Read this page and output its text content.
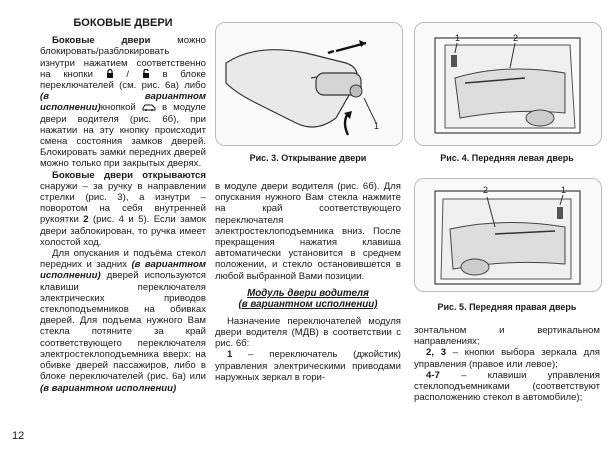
БОКОВЫЕ ДВЕРИ

Боковые двери можно блокировать/разблокировать изнутри нажатием соответственно на кнопки  /  в блоке переключателей (см. рис. 6а) либо (в вариантном исполнении)кнопкой  в модуле двери водителя (рис. 6б), при нажатии на эту кнопку происходит смена состояния замков дверей. Блокировать замки передних дверей можно только при закрытых дверях.

Боковые двери открываются снаружи – за ручку в направлении стрелки (рис. 3), а изнутри – поворотом на себя внутренней рукоятки 2 (рис. 4 и 5). Если замок двери заблокирован, то ручка имеет холостой ход.

Для опускания и подъёма стекол передних и задних (в вариантном исполнении) дверей используются клавиши переключателя электрических приводов стеклоподъемников на обивках дверей. Для подъема нужного Вам стекла потяните за край соответствующего переключателя электростеклоподъемника вверх: на обивке дверей пассажиров, либо в блоке переключателей (рис. 6а) или (в вариантном исполнении)

1
Рис. 3. Открывание двери
1	2
Рис. 4. Передняя левая дверь
2	1
Рис. 5. Передняя правая дверь

в модуле двери водителя (рис. 6б). Для опускания нужного Вам стекла нажмите на край соответствующего переключателя электростеклоподъемника вниз. После прекращения нажатия клавиша автоматически установится в среднем положении, и стекло остановившется в любой выбранной Вами позиции.

Модуль двери водителя
(в вариантном исполнении)

Назначение переключателей модуля двери водителя (МДВ) в соответствии с рис. 6б:

1 – переключатель (джойстик) управления электрическими приводами наружных зеркал в гори-

зонтальном и вертикальном направлениях;

2, 3 – кнопки выбора зеркала для управления (правое или левое);

4-7 – клавиши управления стеклоподъемниками (соответствуют расположению стекол в автомобиле);

12
